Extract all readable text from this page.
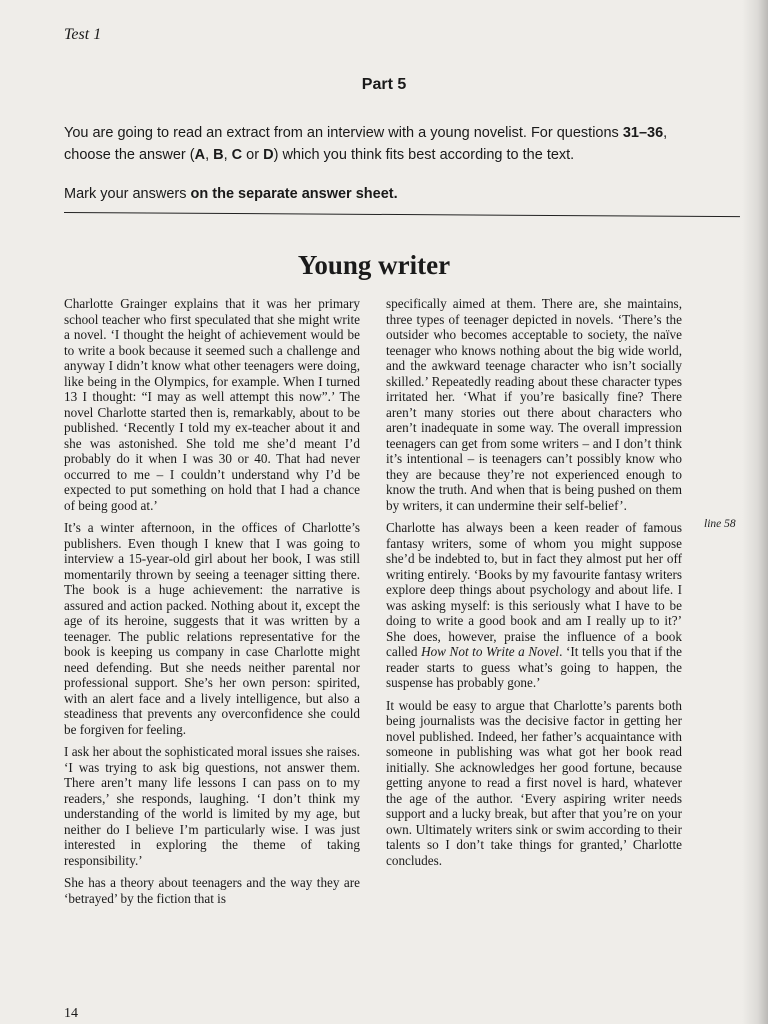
Test 1
Part 5

You are going to read an extract from an interview with a young novelist. For questions 31–36,
choose the answer (A, B, C or D) which you think fits best according to the text.

Mark your answers on the separate answer sheet.

Young writer

Charlotte Grainger explains that it was her primary school teacher who first speculated that she might write a novel. ‘I thought the height of achievement would be to write a book because it seemed such a challenge and anyway I didn’t know what other teenagers were doing, like being in the Olympics, for example. When I turned 13 I thought: “I may as well attempt this now”.’ The novel Charlotte started then is, remarkably, about to be published. ‘Recently I told my ex-teacher about it and she was astonished. She told me she’d meant I’d probably do it when I was 30 or 40. That had never occurred to me – I couldn’t understand why I’d be expected to put something on hold that I had a chance of being good at.’

It’s a winter afternoon, in the offices of Charlotte’s publishers. Even though I knew that I was going to interview a 15-year-old girl about her book, I was still momentarily thrown by seeing a teenager sitting there. The book is a huge achievement: the narrative is assured and action packed. Nothing about it, except the age of its heroine, suggests that it was written by a teenager. The public relations representative for the book is keeping us company in case Charlotte might need defending. But she needs neither parental nor professional support. She’s her own person: spirited, with an alert face and a lively intelligence, but also a steadiness that prevents any overconfidence she could be forgiven for feeling.

I ask her about the sophisticated moral issues she raises. ‘I was trying to ask big questions, not answer them. There aren’t many life lessons I can pass on to my readers,’ she responds, laughing. ‘I don’t think my understanding of the world is limited by my age, but neither do I believe I’m particularly wise. I was just interested in exploring the theme of taking responsibility.’

She has a theory about teenagers and the way they are ‘betrayed’ by the fiction that is

specifically aimed at them. There are, she maintains, three types of teenager depicted in novels. ‘There’s the outsider who becomes acceptable to society, the naïve teenager who knows nothing about the big wide world, and the awkward teenage character who isn’t socially skilled.’ Repeatedly reading about these character types irritated her. ‘What if you’re basically fine? There aren’t many stories out there about characters who aren’t inadequate in some way. The overall impression teenagers can get from some writers – and I don’t think it’s intentional – is teenagers can’t possibly know who they are because they’re not experienced enough to know the truth. And when that is being pushed on them by writers, it can undermine their self-belief’.

Charlotte has always been a keen reader of famous fantasy writers, some of whom you might suppose she’d be indebted to, but in fact they almost put her off writing entirely. ‘Books by my favourite fantasy writers explore deep things about psychology and about life. I was asking myself: is this seriously what I have to be doing to write a good book and am I really up to it?’ She does, however, praise the influence of a book called How Not to Write a Novel. ‘It tells you that if the reader starts to guess what’s going to happen, the suspense has probably gone.’

It would be easy to argue that Charlotte’s parents both being journalists was the decisive factor in getting her novel published. Indeed, her father’s acquaintance with someone in publishing was what got her book read initially. She acknowledges her good fortune, because getting anyone to read a first novel is hard, whatever the age of the author. ‘Every aspiring writer needs support and a lucky break, but after that you’re on your own. Ultimately writers sink or swim according to their talents so I don’t take things for granted,’ Charlotte concludes.

line 58
14
